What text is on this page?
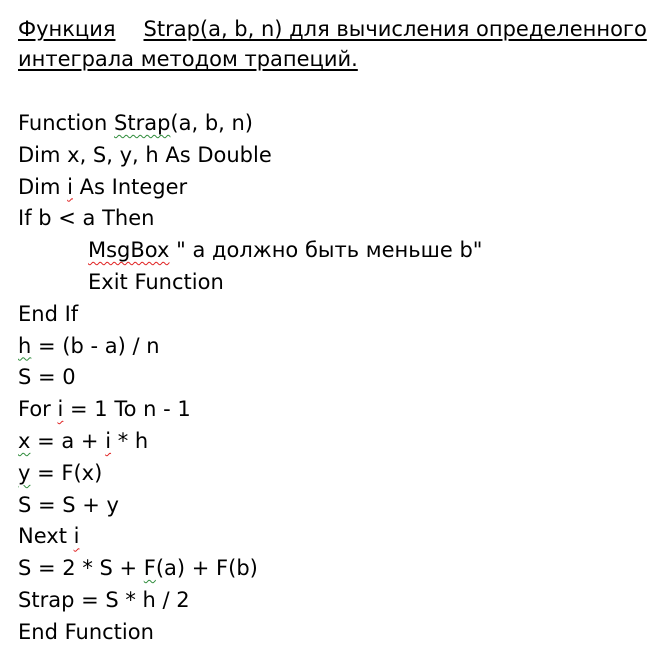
Функция Strap(a, b, n) для вычисления определенного
интеграла методом трапеций.
Function Strap(a, b, n)
Dim x, S, y, h As Double
Dim i As Integer
If b < a Then
MsgBox " а должно быть меньше b"
Exit Function
End If
h = (b - a) / n
S = 0
For i = 1 To n - 1
x = a + i * h
y = F(x)
S = S + y
Next i
S = 2 * S + F(a) + F(b)
Strap = S * h / 2
End Function
